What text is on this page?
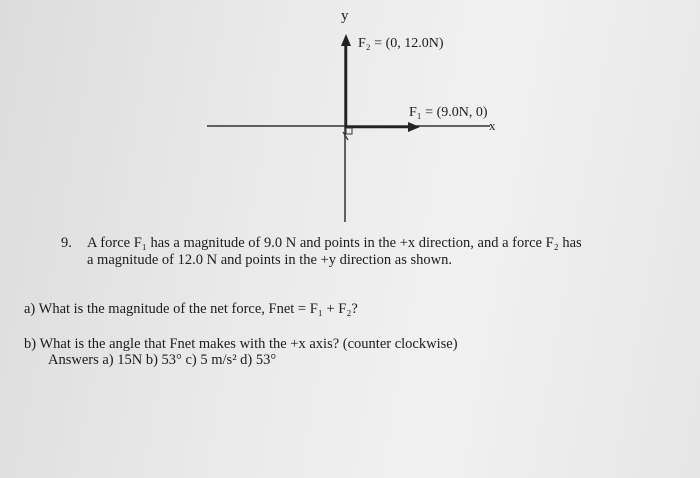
y
x
F₂ = (0, 12.0N)
F₁ = (9.0N, 0)
9. A force F₁ has a magnitude of 9.0 N and points in the +x direction, and a force F₂ has
a magnitude of 12.0 N and points in the +y direction as shown.
a) What is the magnitude of the net force, Fnet = F₁ + F₂?
b) What is the angle that Fnet makes with the +x axis? (counter clockwise)
Answers a) 15N b) 53° c) 5 m/s² d) 53°
